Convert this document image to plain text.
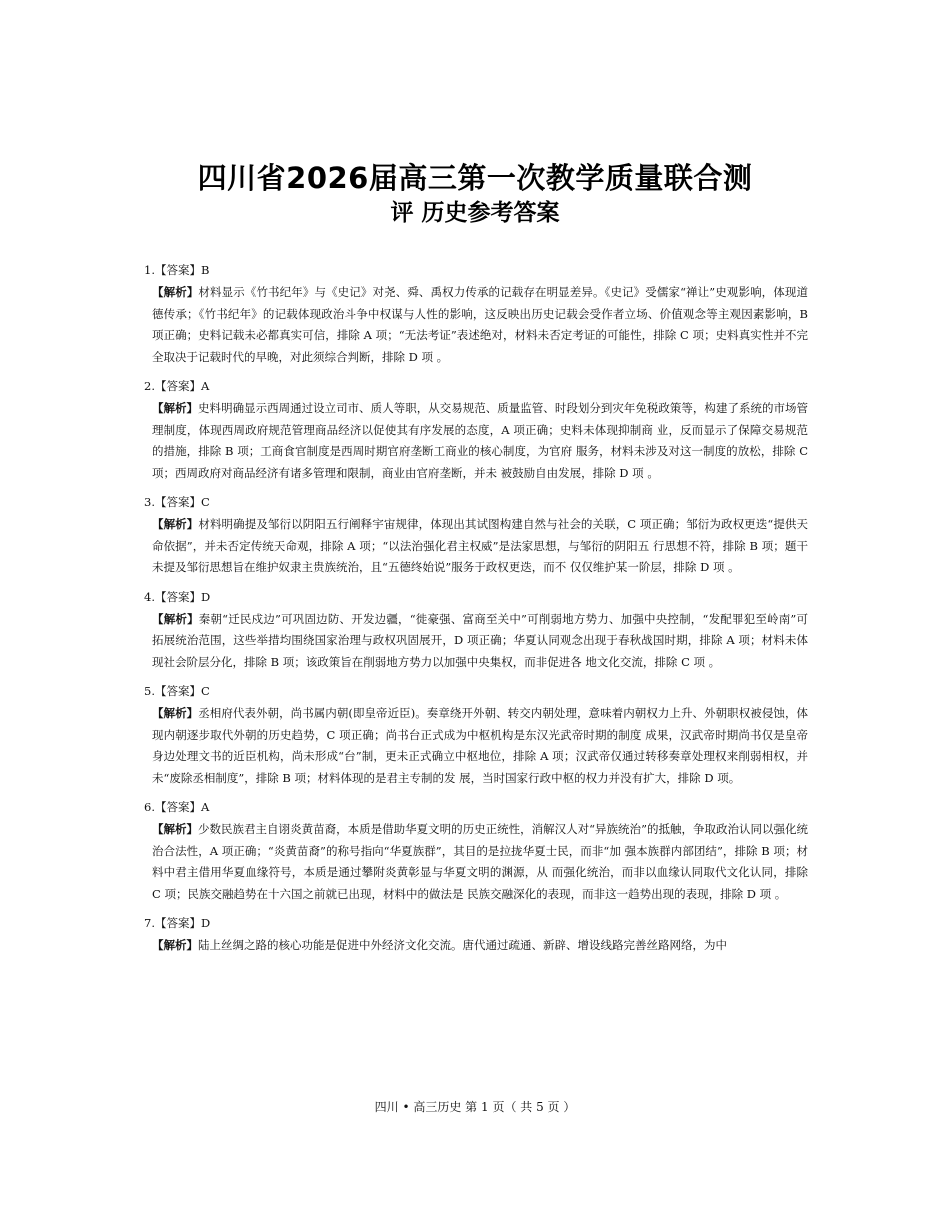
四川省2026届高三第一次教学质量联合测
评 历史参考答案
1.【答案】B
【解析】材料显示《竹书纪年》与《史记》对尧、舜、禹权力传承的记载存在明显差异。《史记》受儒家“禅让”史观影响，体现道德传承；《竹书纪年》的记载体现政治斗争中权谋与人性的影响，这反映出历史记载会受作者立场、价值观念等主观因素影响，B 项正确；史料记载未必都真实可信，排除 A 项；“无法考证”表述绝对，材料未否定考证的可能性，排除 C 项；史料真实性并不完全取决于记载时代的早晚，对此须综合判断，排除 D 项 。
2.【答案】A
【解析】史料明确显示西周通过设立司市、质人等职，从交易规范、质量监管、时段划分到灾年免税政策等，构建了系统的市场管理制度，体现西周政府规范管理商品经济以促使其有序发展的态度，A 项正确；史料未体现抑制商 业，反而显示了保障交易规范的措施，排除 B 项；工商食官制度是西周时期官府垄断工商业的核心制度，为官府 服务，材料未涉及对这一制度的放松，排除 C 项；西周政府对商品经济有诸多管理和限制，商业由官府垄断，并未 被鼓励自由发展，排除 D 项 。
3.【答案】C
【解析】材料明确提及邹衍以阴阳五行阐释宇宙规律，体现出其试图构建自然与社会的关联，C 项正确；邹衍为政权更迭“提供天命依据”，并未否定传统天命观，排除 A 项；“以法治强化君主权威”是法家思想，与邹衍的阴阳五 行思想不符，排除 B 项；题干未提及邹衍思想旨在维护奴隶主贵族统治，且“五德终始说”服务于政权更迭，而不 仅仅维护某一阶层，排除 D 项 。
4.【答案】D
【解析】秦朝“迁民戍边”可巩固边防、开发边疆，“徙豪强、富商至关中”可削弱地方势力、加强中央控制，“发配罪犯至岭南”可拓展统治范围，这些举措均围绕国家治理与政权巩固展开，D 项正确；华夏认同观念出现于春秋战国时期，排除 A 项；材料未体现社会阶层分化，排除 B 项；该政策旨在削弱地方势力以加强中央集权，而非促进各 地文化交流，排除 C 项 。
5.【答案】C
【解析】丞相府代表外朝，尚书属内朝(即皇帝近臣)。奏章绕开外朝、转交内朝处理，意味着内朝权力上升、外朝职权被侵蚀，体现内朝逐步取代外朝的历史趋势，C 项正确；尚书台正式成为中枢机构是东汉光武帝时期的制度 成果，汉武帝时期尚书仅是皇帝身边处理文书的近臣机构，尚未形成“台”制，更未正式确立中枢地位，排除 A 项；汉武帝仅通过转移奏章处理权来削弱相权，并未“废除丞相制度”，排除 B 项；材料体现的是君主专制的发 展，当时国家行政中枢的权力并没有扩大，排除 D 项。
6.【答案】A
【解析】少数民族君主自诩炎黄苗裔，本质是借助华夏文明的历史正统性，消解汉人对“异族统治”的抵触，争取政治认同以强化统治合法性，A 项正确；“炎黄苗裔”的称号指向“华夏族群”，其目的是拉拢华夏士民，而非“加 强本族群内部团结”，排除 B 项；材料中君主借用华夏血缘符号，本质是通过攀附炎黄彰显与华夏文明的渊源，从 而强化统治，而非以血缘认同取代文化认同，排除 C 项；民族交融趋势在十六国之前就已出现，材料中的做法是 民族交融深化的表现，而非这一趋势出现的表现，排除 D 项 。
7.【答案】D
【解析】陆上丝绸之路的核心功能是促进中外经济文化交流。唐代通过疏通、新辟、增设线路完善丝路网络，为中
四川 • 高三历史 第 1 页（ 共 5 页 ）
